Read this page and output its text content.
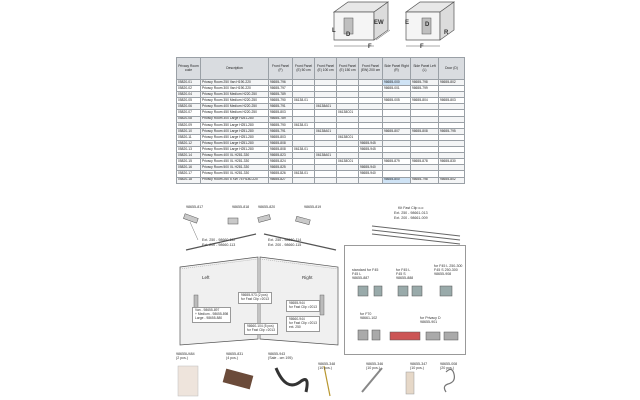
L
D
EW
F
E	D
R
F
Privacy Room code	Description	Front Panel (F)	Front Panel (E) 50 cm	Front Panel (E) 100 cm	Front Panel (E) 150 cm	Front Panel (EW) 200 cm	Side Panel Right (R)	Side Panel Left (L)	Door (D)
05820-01	Privacy Room 250 Van H190-220	98655-796					98655-000	98655-798	98655-802
05820-02	Privacy Room 300 Van H190-220	98655-797					98655-001	98655-799	
05820-04	Privacy Room 300 Medium H220-250	98655-789							
05820-05	Privacy Room 350 Medium H220-250	98655-790	06138-01				98655-005	98655-804	98655-803
05820-06	Privacy Room 400 Medium H220-250	98655-791		06138A01					
05820-07	Privacy Room 450 Medium H220-250	98655-803			06138C01				
05820-08	Privacy Room 300 Large H251-280	98655-789							
05820-09	Privacy Room 350 Large H251-280	98655-790	06138-01						
05820-10	Privacy Room 400 Large H251-280	98655-791		06138A01			98655-807	98655-808	98655-795
05820-11	Privacy Room 450 Large H251-280	98655-803			06138C01				
05820-12	Privacy Room 500 Large H251-280	98655-808				98655-945			
05820-13	Privacy Room 550 Large H251-280	98655-808	06138-01			98655-945			
05820-14	Privacy Room 400 XL H281-330	98655-823		06138A01					
05820-15	Privacy Room 450 XL H281-330	98655-824			06138C01		98655-879	98655-878	98655-830
05820-16	Privacy Room 500 XL H281-330	98655-825				98655-940			
05820-17	Privacy Room 550 XL H281-330	98655-826	06138-01			98655-940			
05820-18	Privacy Room 260 5 XW 75 H180-220	98655-827					98655-800	98655-798	98655-802
98655-817	98655-818 98655-820	98655-819
Ext. 250 - 98660-112
Ext. 200 - 98660-113
Ext. 250 - 98660-114
Ext. 200 - 98660-115
Left	Right
Van - 98655-897
+ Medium - 98655-898
Large - 98655-880
98655-973 (2 pcs)
for Fast Clip >2013
98655-944
for Fast Clip >2013
98660-104 (5 pcs)
for Fast Clip >2013
98660-944
for Fast Clip >2013
ext. 250
Kit Fast Clip o.o
Ext. 250 - 98661-013
Ext. 200 - 98661-009
standard for F45
F45 L
98655-887
for F45 L
F45 S
98655-888
for F45 L 250-300
F45 S 250-300
98655-908
for F70
98661-102	for Privacy D
98655-901
98655U484
(2 pcs.)
98655-831
(4 pcs.)
98655-943
(Sale - cm 195)
98655-348
(10 pcs.)
98655-346
(10 pcs.)
98655-347
(10 pcs.)
98655-008
(20 pcs.)
